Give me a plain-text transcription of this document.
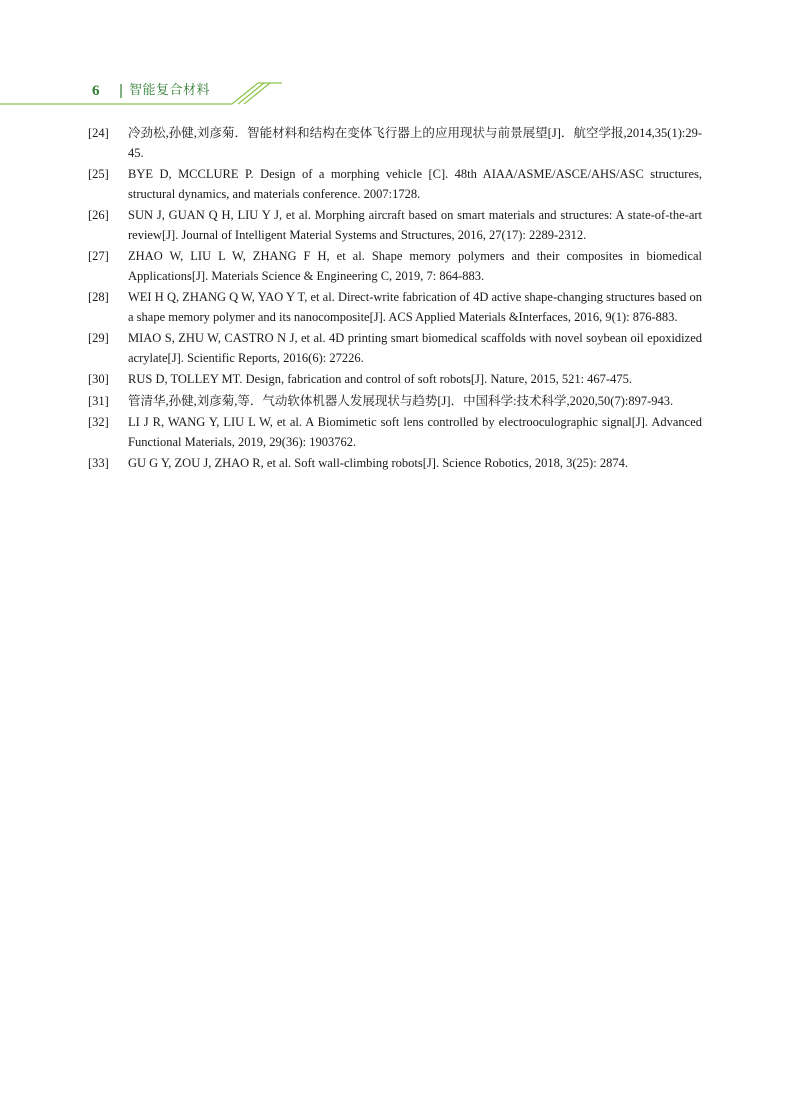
6 智能复合材料
[24]	冷劲松,孙健,刘彦菊．智能材料和结构在变体飞行器上的应用现状与前景展望[J]．航空学报,2014,35(1):29-45.
[25]	BYE D, MCCLURE P. Design of a morphing vehicle [C]. 48th AIAA/ASME/ASCE/AHS/ASC structures, structural dynamics, and materials conference. 2007:1728.
[26]	SUN J, GUAN Q H, LIU Y J, et al. Morphing aircraft based on smart materials and structures: A state-of-the-art review[J]. Journal of Intelligent Material Systems and Structures, 2016, 27(17): 2289-2312.
[27]	ZHAO W, LIU L W, ZHANG F H, et al. Shape memory polymers and their composites in biomedical Applications[J]. Materials Science & Engineering C, 2019, 7: 864-883.
[28]	WEI H Q, ZHANG Q W, YAO Y T, et al. Direct-write fabrication of 4D active shape-changing structures based on a shape memory polymer and its nanocomposite[J]. ACS Applied Materials &Interfaces, 2016, 9(1): 876-883.
[29]	MIAO S, ZHU W, CASTRO N J, et al. 4D printing smart biomedical scaffolds with novel soybean oil epoxidized acrylate[J]. Scientific Reports, 2016(6): 27226.
[30]	RUS D, TOLLEY MT. Design, fabrication and control of soft robots[J]. Nature, 2015, 521: 467-475.
[31]	管清华,孙健,刘彦菊,等．气动软体机器人发展现状与趋势[J]．中国科学:技术科学,2020,50(7):897-943.
[32]	LI J R, WANG Y, LIU L W, et al. A Biomimetic soft lens controlled by electrooculographic signal[J]. Advanced Functional Materials, 2019, 29(36): 1903762.
[33]	GU G Y, ZOU J, ZHAO R, et al. Soft wall-climbing robots[J]. Science Robotics, 2018, 3(25): 2874.
